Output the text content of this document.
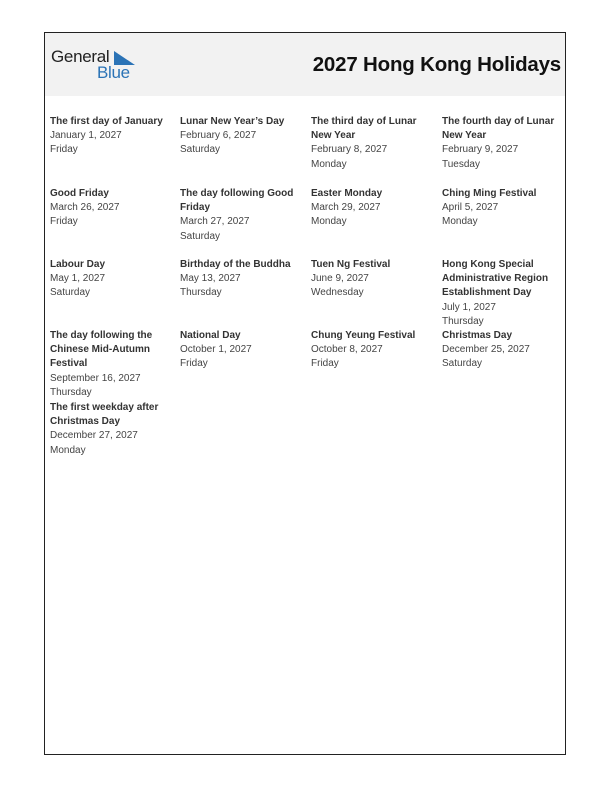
General
Blue	2027 Hong Kong Holidays
The first day of January
January 1, 2027
Friday
Lunar New Year’s Day
February 6, 2027
Saturday
The third day of Lunar New Year
February 8, 2027
Monday
The fourth day of Lunar New Year
February 9, 2027
Tuesday
Good Friday
March 26, 2027
Friday
The day following Good Friday
March 27, 2027
Saturday
Easter Monday
March 29, 2027
Monday
Ching Ming Festival
April 5, 2027
Monday
Labour Day
May 1, 2027
Saturday
Birthday of the Buddha
May 13, 2027
Thursday
Tuen Ng Festival
June 9, 2027
Wednesday
Hong Kong Special Administrative Region Establishment Day
July 1, 2027
Thursday
The day following the Chinese Mid-Autumn Festival
September 16, 2027
Thursday
National Day
October 1, 2027
Friday
Chung Yeung Festival
October 8, 2027
Friday
Christmas Day
December 25, 2027
Saturday
The first weekday after Christmas Day
December 27, 2027
Monday
